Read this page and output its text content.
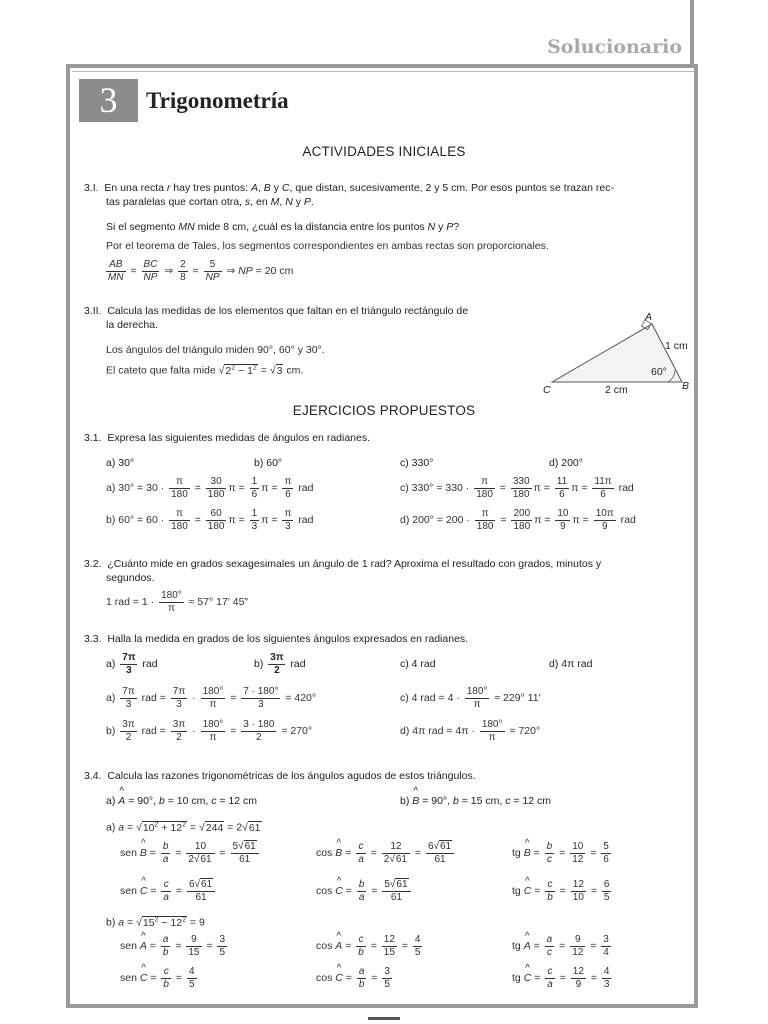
Solucionario
3	Trigonometría
ACTIVIDADES INICIALES
3.I.  En una recta r hay tres puntos: A, B y C, que distan, sucesivamente, 2 y 5 cm. Por esos puntos se trazan rec-
tas paralelas que cortan otra, s, en M, N y P.
Si el segmento MN mide 8 cm, ¿cuál es la distancia entre los puntos N y P?
Por el teorema de Tales, los segmentos correspondientes en ambas rectas son proporcionales.
$\frac{AB}{MN} = \frac{BC}{NP}$ ⇒ $\frac{2}{8} = \frac{5}{NP}$ ⇒ NP = 20 cm
3.II.  Calcula las medidas de los elementos que faltan en el triángulo rectángulo de
la derecha.
Los ángulos del triángulo miden 90°, 60° y 30°.
El cateto que falta mide $√2^2 - 1^2 = √3$ cm.
A
B
C
1 cm
2 cm
60°
EJERCICIOS PROPUESTOS
3.1.  Expresa las siguientes medidas de ángulos en radianes.
a) 30°	b) 60°	c) 330°	d) 200°
a) $30^\circ = 30 \cdot \frac{\pi}{180} = \frac{30}{180}$ $\pi = \frac{1}{6}$ $\pi = \frac{\pi}{6}$ rad	c) $330^\circ = 330 \cdot \frac{\pi}{180} = \frac{330}{180}$ $\pi = \frac{11}{6}$ $\pi = \frac{11\pi}{6}$ rad
b) $60^\circ = 60 \cdot \frac{\pi}{180} = \frac{60}{180}$ $\pi = \frac{1}{3}$ $\pi = \frac{\pi}{3}$ rad	d) $200^\circ = 200 \cdot \frac{\pi}{180} = \frac{200}{180}$ $\pi = \frac{10}{9}$ $\pi = \frac{10\pi}{9}$ rad
3.2.  ¿Cuánto mide en grados sexagesimales un ángulo de 1 rad? Aproxima el resultado con grados, minutos y
segundos.
1 rad = $1 \cdot \frac{180^\circ}{\pi} \approx 57^\circ$ 17′ 45″
3.3.  Halla la medida en grados de los siguientes ángulos expresados en radianes.
$a) \frac{7\pi}{3}$ rad	$b) \frac{3\pi}{2}$ rad	c) 4 rad	d) 4π rad
$a) \frac{7\pi}{3}$ rad = $\frac{7\pi}{3} \cdot \frac{180^\circ}{\pi} = \frac{7 \cdot 180^\circ}{3} = 420^\circ$	c) 4 rad = $4 \cdot \frac{180^\circ}{\pi} \approx 229^\circ$ 11′
$b) \frac{3\pi}{2}$ rad = $\frac{3\pi}{2} \cdot \frac{180^\circ}{\pi} = \frac{3 \cdot 180}{2} = 270^\circ$	d) 4π rad = $4\pi \cdot \frac{180^\circ}{\pi} = 720^\circ$
3.4.  Calcula las razones trigonométricas de los ángulos agudos de estos triángulos.
a) ^ A = 90°, b = 10 cm, c = 12 cm	b) ^ B = 90°, b = 15 cm, c = 12 cm
a) $a = √10^2 + 12^2 = √244 = 2√61$
sen ^ $B = \frac{b}{a} = \frac{10}{2√61} = \frac{5√61}{61}$	cos ^ $B = \frac{c}{a} = \frac{12}{2√61} = \frac{6√61}{61}$	tg ^ $B = \frac{b}{c} = \frac{10}{12} = \frac{5}{6}$
sen ^ $C = \frac{c}{a} = \frac{6√61}{61}$	cos ^ $C = \frac{b}{a} = \frac{5√61}{61}$	tg ^ $C = \frac{c}{b} = \frac{12}{10} = \frac{6}{5}$
b) $a = √15^2 - 12^2 = 9$
sen ^ $A = \frac{a}{b} = \frac{9}{15} = \frac{3}{5}$	cos ^ $A = \frac{c}{b} = \frac{12}{15} = \frac{4}{5}$	tg ^ $A = \frac{a}{c} = \frac{9}{12} = \frac{3}{4}$
sen ^ $C = \frac{c}{b} = \frac{4}{5}$	cos ^ $C = \frac{a}{b} = \frac{3}{5}$	tg ^ $C = \frac{c}{a} = \frac{12}{9} = \frac{4}{3}$
